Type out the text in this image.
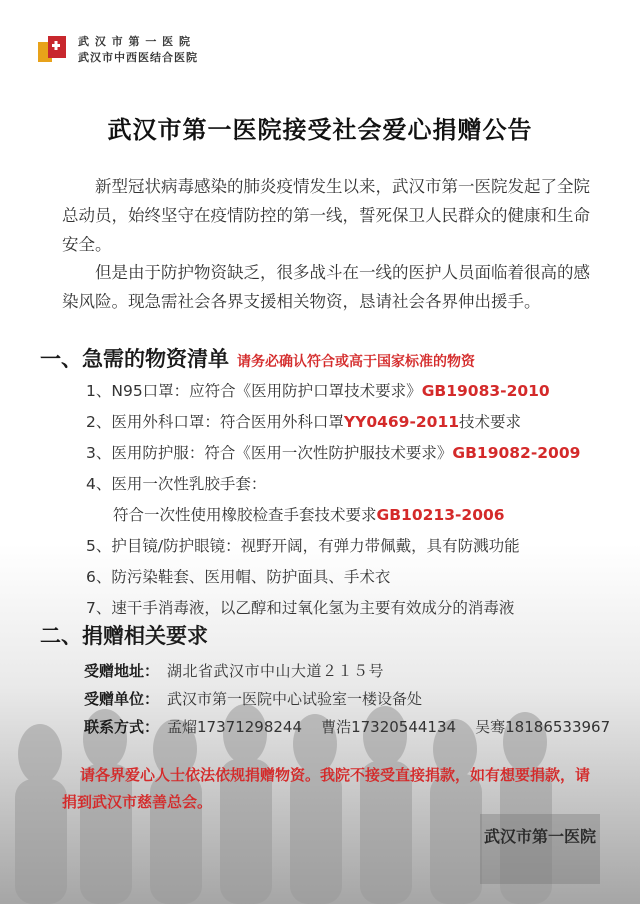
武 汉 市 第 一 医 院
武汉市中西医结合医院
武汉市第一医院接受社会爱心捐赠公告

新型冠状病毒感染的肺炎疫情发生以来，武汉市第一医院发起了全院总动员，始终坚守在疫情防控的第一线，誓死保卫人民群众的健康和生命安全。

但是由于防护物资缺乏，很多战斗在一线的医护人员面临着很高的感染风险。现急需社会各界支援相关物资，恳请社会各界伸出援手。

一、急需的物资清单 请务必确认符合或高于国家标准的物资
1、N95口罩：应符合《医用防护口罩技术要求》GB19083-2010
2、医用外科口罩：符合医用外科口罩YY0469-2011技术要求
3、医用防护服：符合《医用一次性防护服技术要求》GB19082-2009
4、医用一次性乳胶手套：
符合一次性使用橡胶检查手套技术要求GB10213-2006
5、护目镜/防护眼镜：视野开阔，有弹力带佩戴，具有防溅功能
6、防污染鞋套、医用帽、防护面具、手术衣
7、速干手消毒液，以乙醇和过氧化氢为主要有效成分的消毒液
二、捐赠相关要求
受赠地址： 湖北省武汉市中山大道２１５号
受赠单位： 武汉市第一医院中心试验室一楼设备处
联系方式： 孟熘17371298244 曹浩17320544134 吴骞18186533967

请各界爱心人士依法依规捐赠物资。我院不接受直接捐款，如有想要捐款，请捐到武汉市慈善总会。

武汉市第一医院
